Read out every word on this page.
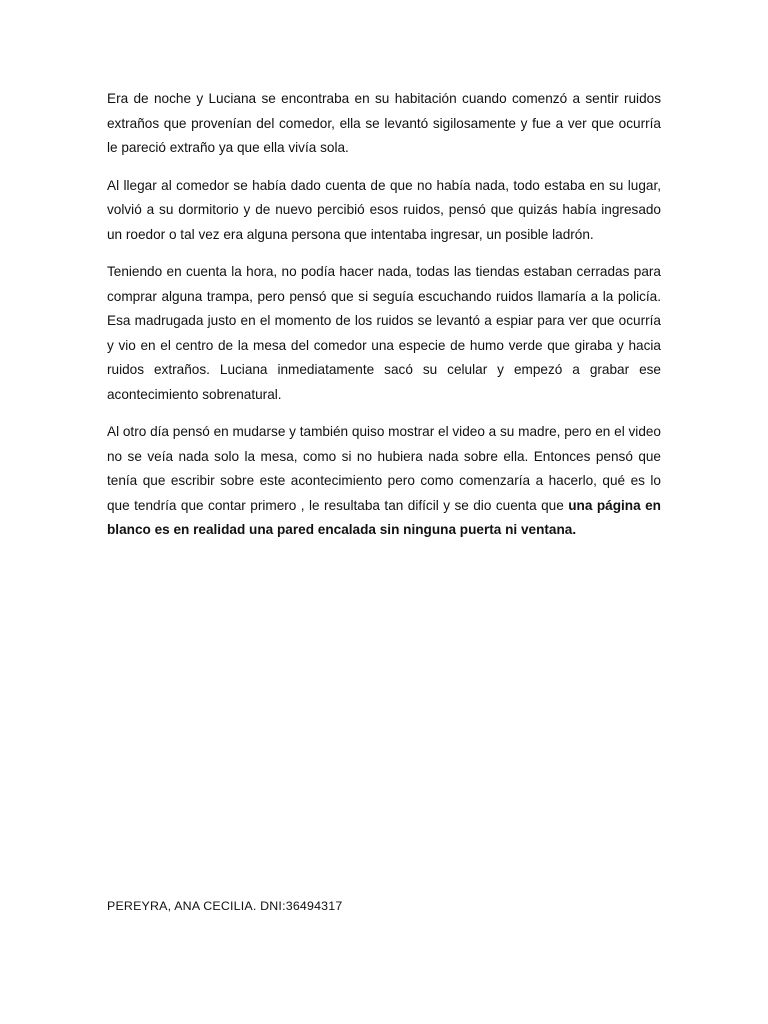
Era de noche y Luciana se encontraba en su habitación cuando comenzó a sentir ruidos extraños que provenían del comedor, ella se levantó sigilosamente y fue a ver que ocurría le pareció extraño ya que ella vivía sola.

Al llegar al comedor se había dado cuenta de que no había nada, todo estaba en su lugar, volvió a su dormitorio y de nuevo percibió esos ruidos, pensó que quizás había ingresado un roedor o tal vez era alguna persona que intentaba ingresar, un posible ladrón.

Teniendo en cuenta la hora, no podía hacer nada, todas las tiendas estaban cerradas para comprar alguna trampa, pero pensó que si seguía escuchando ruidos llamaría a la policía. Esa madrugada justo en el momento de los ruidos se levantó a espiar para ver que ocurría y vio en el centro de la mesa del comedor una especie de humo verde que giraba y hacia ruidos extraños. Luciana inmediatamente sacó su celular y empezó a grabar ese acontecimiento sobrenatural.

Al otro día pensó en mudarse y también quiso mostrar el video a su madre, pero en el video no se veía nada solo la mesa, como si no hubiera nada sobre ella. Entonces pensó que tenía que escribir sobre este acontecimiento pero como comenzaría a hacerlo, qué es lo que tendría que contar primero , le resultaba tan difícil y se dio cuenta que una página en blanco es en realidad una pared encalada sin ninguna puerta ni ventana.

PEREYRA, ANA CECILIA. DNI:36494317
